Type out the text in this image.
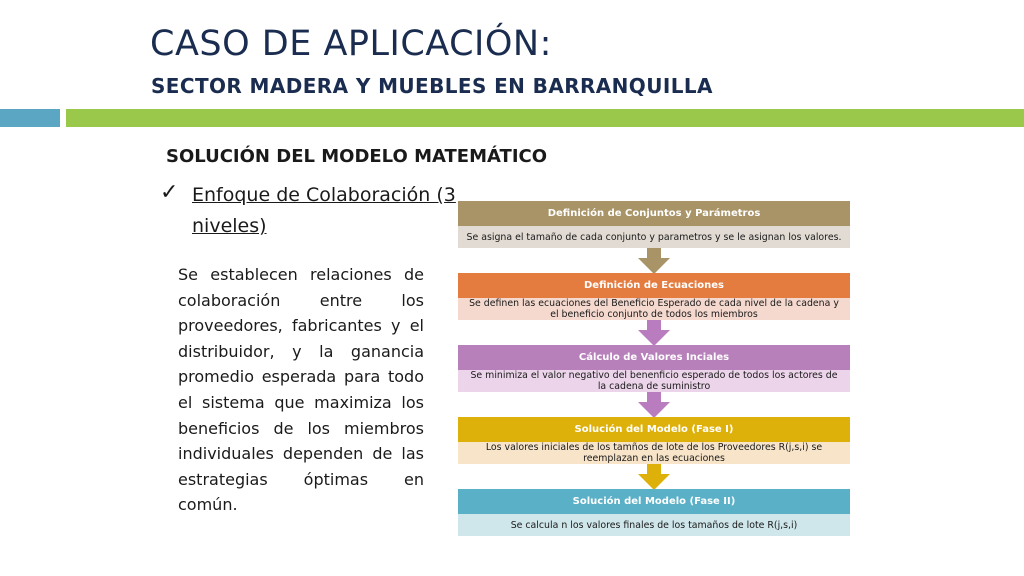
CASO DE APLICACIÓN:
SECTOR MADERA Y MUEBLES EN BARRANQUILLA
SOLUCIÓN DEL MODELO MATEMÁTICO
✓ Enfoque de Colaboración (3 niveles)

Se establecen relaciones de colaboración entre los proveedores, fabricantes y el distribuidor, y la ganancia promedio esperada para todo el sistema que maximiza los beneficios de los miembros individuales dependen de las estrategias óptimas en común.

Definición de Conjuntos y Parámetros
Se asigna el tamaño de cada conjunto y parametros y se le asignan los valores.
Definición de Ecuaciones
Se definen las ecuaciones del Beneficio Esperado de cada nivel de la cadena y el beneficio conjunto de todos los miembros
Cálculo de Valores Inciales
Se minimiza el valor negativo del benenficio esperado de todos los actores de la cadena de suministro
Solución del Modelo (Fase I)
Los valores iniciales de los tamños de lote de los Proveedores R(j,s,i) se reemplazan en las ecuaciones
Solución del Modelo (Fase II)
Se calcula n los valores finales de los tamaños de lote R(j,s,i)
